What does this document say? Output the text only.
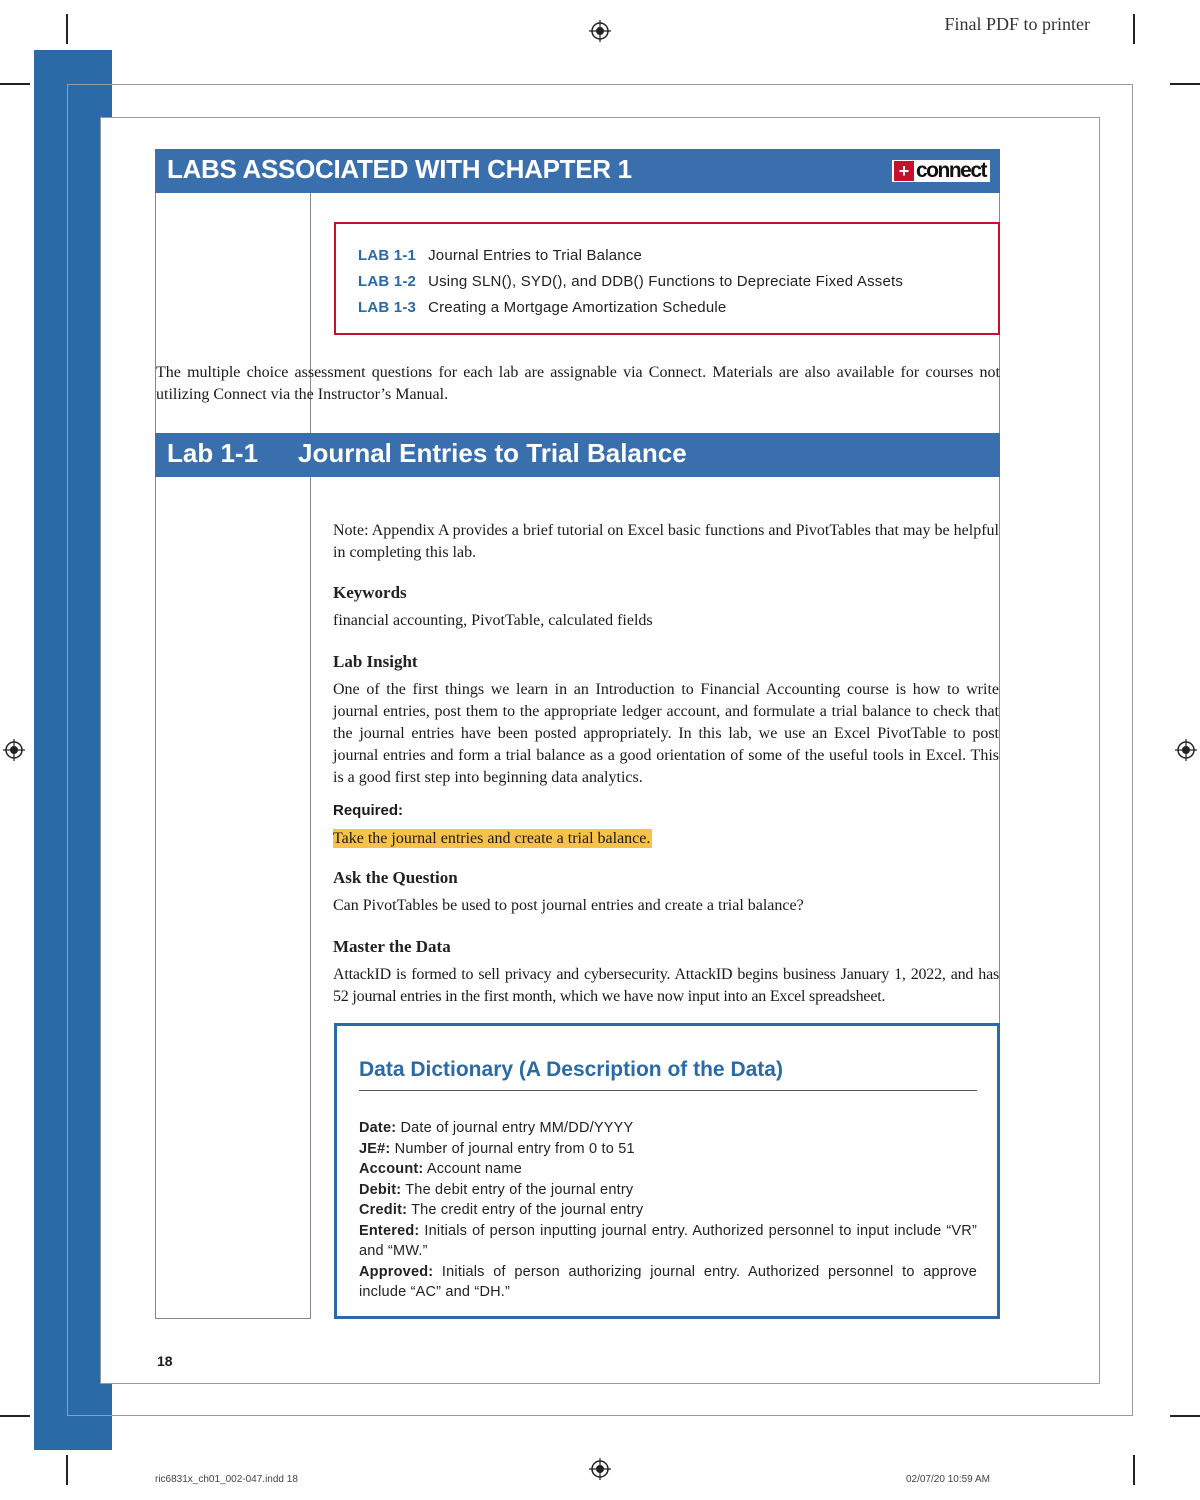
Final PDF to printer
LABS ASSOCIATED WITH CHAPTER 1	+ connect
LAB 1-1 Journal Entries to Trial Balance
LAB 1-2 Using SLN(), SYD(), and DDB() Functions to Depreciate Fixed Assets
LAB 1-3 Creating a Mortgage Amortization Schedule
The multiple choice assessment questions for each lab are assignable via Connect. Materials are also available for courses not utilizing Connect via the Instructor’s Manual.
Lab 1-1 Journal Entries to Trial Balance
Note: Appendix A provides a brief tutorial on Excel basic functions and PivotTables that may be helpful in completing this lab.
Keywords
financial accounting, PivotTable, calculated fields
Lab Insight
One of the first things we learn in an Introduction to Financial Accounting course is how to write journal entries, post them to the appropriate ledger account, and formulate a trial balance to check that the journal entries have been posted appropriately. In this lab, we use an Excel PivotTable to post journal entries and form a trial balance as a good orientation of some of the useful tools in Excel. This is a good first step into beginning data analytics.
Required:
Take the journal entries and create a trial balance.
Ask the Question
Can PivotTables be used to post journal entries and create a trial balance?
Master the Data
AttackID is formed to sell privacy and cybersecurity. AttackID begins business January 1, 2022, and has 52 journal entries in the first month, which we have now input into an Excel spreadsheet.
Data Dictionary (A Description of the Data)
Date: Date of journal entry MM/DD/YYYY
JE#: Number of journal entry from 0 to 51
Account: Account name
Debit: The debit entry of the journal entry
Credit: The credit entry of the journal entry
Entered: Initials of person inputting journal entry. Authorized personnel to input include “VR” and “MW.”
Approved: Initials of person authorizing journal entry. Authorized personnel to approve include “AC” and “DH.”
18
ric6831x_ch01_002-047.indd 18	02/07/20 10:59 AM
